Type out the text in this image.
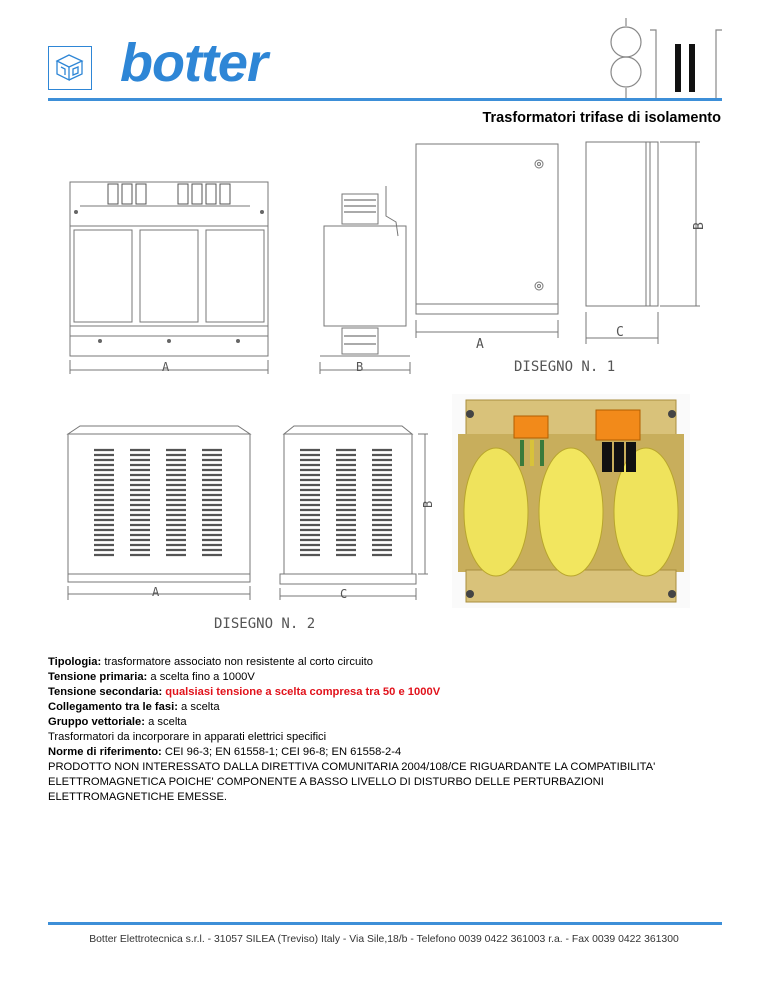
botter
Trasformatori trifase di isolamento
A	B
A
B
C
DISEGNO N. 1
A
B
C
DISEGNO N. 2
Tipologia: trasformatore associato non resistente al corto circuito
Tensione primaria: a scelta fino a 1000V
Tensione secondaria: qualsiasi tensione a scelta compresa tra 50 e 1000V
Collegamento tra le fasi: a scelta
Gruppo vettoriale: a scelta
Trasformatori da incorporare in apparati elettrici specifici
Norme di riferimento: CEI 96-3; EN 61558-1; CEI 96-8; EN 61558-2-4
PRODOTTO NON INTERESSATO DALLA DIRETTIVA COMUNITARIA 2004/108/CE RIGUARDANTE LA COMPATIBILITA' ELETTROMAGNETICA POICHE' COMPONENTE A BASSO LIVELLO DI DISTURBO DELLE PERTURBAZIONI ELETTROMAGNETICHE EMESSE.
Botter Elettrotecnica s.r.l. - 31057 SILEA (Treviso) Italy - Via Sile,18/b - Telefono 0039 0422 361003 r.a. - Fax 0039 0422 361300
